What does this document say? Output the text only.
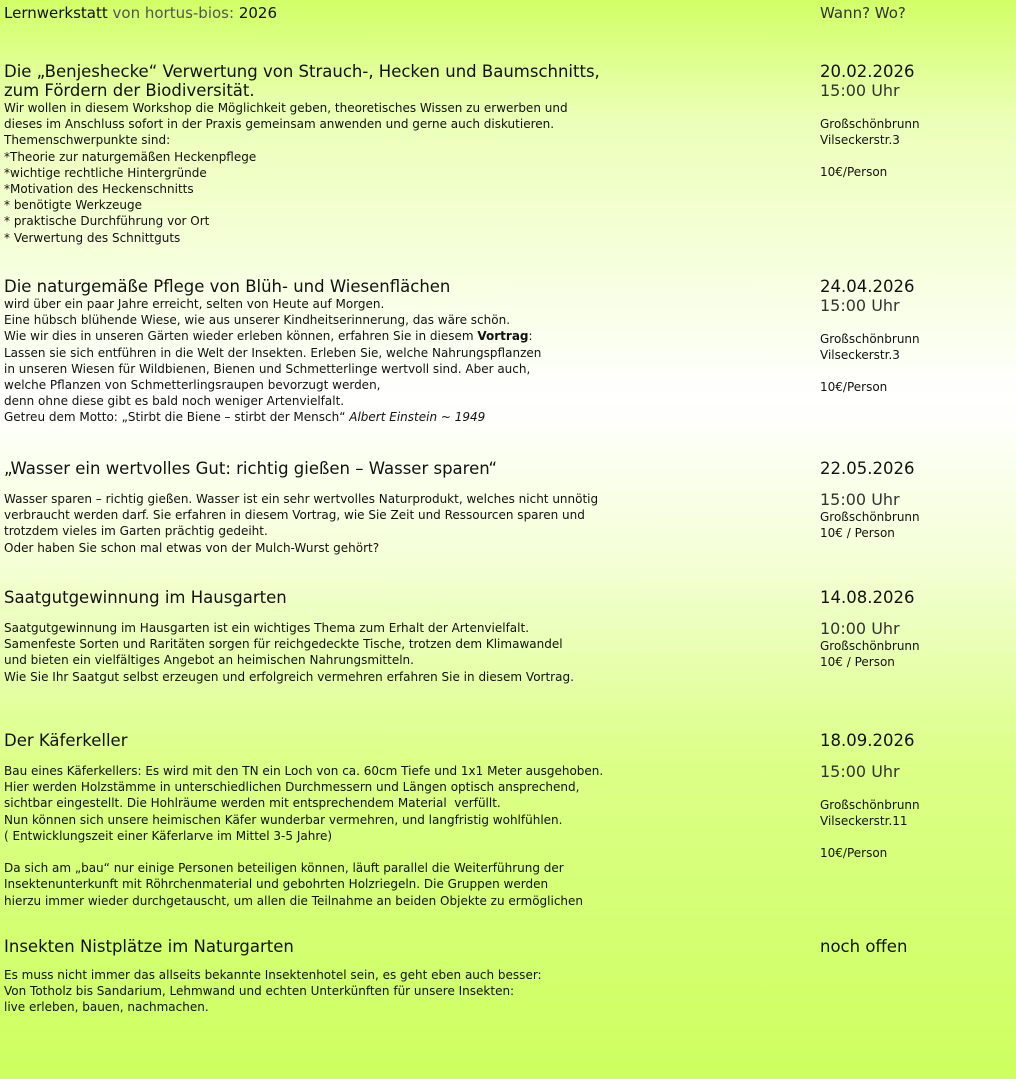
Lernwerkstatt von hortus-bios: 2026	Wann? Wo?
Die „Benjeshecke“ Verwertung von Strauch-, Hecken und Baumschnitts,
zum Fördern der Biodiversität.
Wir wollen in diesem Workshop die Möglichkeit geben, theoretisches Wissen zu erwerben und
dieses im Anschluss sofort in der Praxis gemeinsam anwenden und gerne auch diskutieren.
Themenschwerpunkte sind:
*Theorie zur naturgemäßen Heckenpflege
*wichtige rechtliche Hintergründe
*Motivation des Heckenschnitts
* benötigte Werkzeuge
* praktische Durchführung vor Ort
* Verwertung des Schnittguts
20.02.2026
15:00 Uhr
Großschönbrunn
Vilseckerstr.3
10€/Person
Die naturgemäße Pflege von Blüh- und Wiesenflächen
wird über ein paar Jahre erreicht, selten von Heute auf Morgen.
Eine hübsch blühende Wiese, wie aus unserer Kindheitserinnerung, das wäre schön.
Wie wir dies in unseren Gärten wieder erleben können, erfahren Sie in diesem Vortrag:
Lassen sie sich entführen in die Welt der Insekten. Erleben Sie, welche Nahrungspflanzen
in unseren Wiesen für Wildbienen, Bienen und Schmetterlinge wertvoll sind. Aber auch,
welche Pflanzen von Schmetterlingsraupen bevorzugt werden,
denn ohne diese gibt es bald noch weniger Artenvielfalt.
Getreu dem Motto: „Stirbt die Biene – stirbt der Mensch“ Albert Einstein ~ 1949
24.04.2026
15:00 Uhr
Großschönbrunn
Vilseckerstr.3
10€/Person
„Wasser ein wertvolles Gut: richtig gießen – Wasser sparen“
Wasser sparen – richtig gießen. Wasser ist ein sehr wertvolles Naturprodukt, welches nicht unnötig
verbraucht werden darf. Sie erfahren in diesem Vortrag, wie Sie Zeit und Ressourcen sparen und
trotzdem vieles im Garten prächtig gedeiht.
Oder haben Sie schon mal etwas von der Mulch-Wurst gehört?
22.05.2026
15:00 Uhr
Großschönbrunn
10€ / Person
Saatgutgewinnung im Hausgarten
Saatgutgewinnung im Hausgarten ist ein wichtiges Thema zum Erhalt der Artenvielfalt.
Samenfeste Sorten und Raritäten sorgen für reichgedeckte Tische, trotzen dem Klimawandel
und bieten ein vielfältiges Angebot an heimischen Nahrungsmitteln.
Wie Sie Ihr Saatgut selbst erzeugen und erfolgreich vermehren erfahren Sie in diesem Vortrag.
14.08.2026
10:00 Uhr
Großschönbrunn
10€ / Person
Der Käferkeller
Bau eines Käferkellers: Es wird mit den TN ein Loch von ca. 60cm Tiefe und 1x1 Meter ausgehoben.
Hier werden Holzstämme in unterschiedlichen Durchmessern und Längen optisch ansprechend,
sichtbar eingestellt. Die Hohlräume werden mit entsprechendem Material  verfüllt.
Nun können sich unsere heimischen Käfer wunderbar vermehren, und langfristig wohlfühlen.
( Entwicklungszeit einer Käferlarve im Mittel 3-5 Jahre)

Da sich am „bau“ nur einige Personen beteiligen können, läuft parallel die Weiterführung der
Insektenunterkunft mit Röhrchenmaterial und gebohrten Holzriegeln. Die Gruppen werden
hierzu immer wieder durchgetauscht, um allen die Teilnahme an beiden Objekte zu ermöglichen
18.09.2026
15:00 Uhr
Großschönbrunn
Vilseckerstr.11
10€/Person
Insekten Nistplätze im Naturgarten
Es muss nicht immer das allseits bekannte Insektenhotel sein, es geht eben auch besser:
Von Totholz bis Sandarium, Lehmwand und echten Unterkünften für unsere Insekten:
live erleben, bauen, nachmachen.
noch offen
